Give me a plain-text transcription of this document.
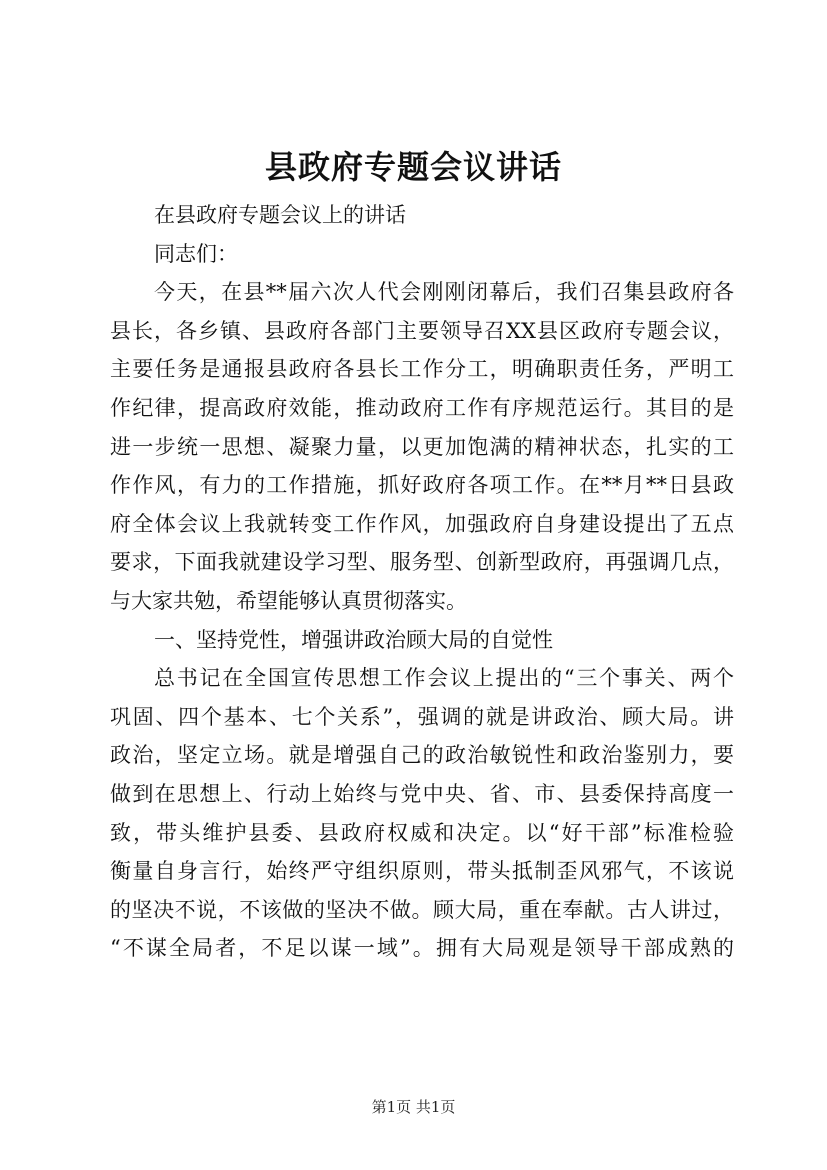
县政府专题会议讲话
在县政府专题会议上的讲话
同志们：
今天，在县**届六次人代会刚刚闭幕后，我们召集县政府各
县长，各乡镇、县政府各部门主要领导召XX县区政府专题会议，
主要任务是通报县政府各县长工作分工，明确职责任务，严明工
作纪律，提高政府效能，推动政府工作有序规范运行。其目的是
进一步统一思想、凝聚力量，以更加饱满的精神状态，扎实的工
作作风，有力的工作措施，抓好政府各项工作。在**月**日县政
府全体会议上我就转变工作作风，加强政府自身建设提出了五点
要求，下面我就建设学习型、服务型、创新型政府，再强调几点，
与大家共勉，希望能够认真贯彻落实。
一、坚持党性，增强讲政治顾大局的自觉性
总书记在全国宣传思想工作会议上提出的“三个事关、两个
巩固、四个基本、七个关系”，强调的就是讲政治、顾大局。讲
政治，坚定立场。就是增强自己的政治敏锐性和政治鉴别力，要
做到在思想上、行动上始终与党中央、省、市、县委保持高度一
致，带头维护县委、县政府权威和决定。以“好干部”标准检验
衡量自身言行，始终严守组织原则，带头抵制歪风邪气，不该说
的坚决不说，不该做的坚决不做。顾大局，重在奉献。古人讲过，
“不谋全局者，不足以谋一域”。拥有大局观是领导干部成熟的
第1页 共1页
